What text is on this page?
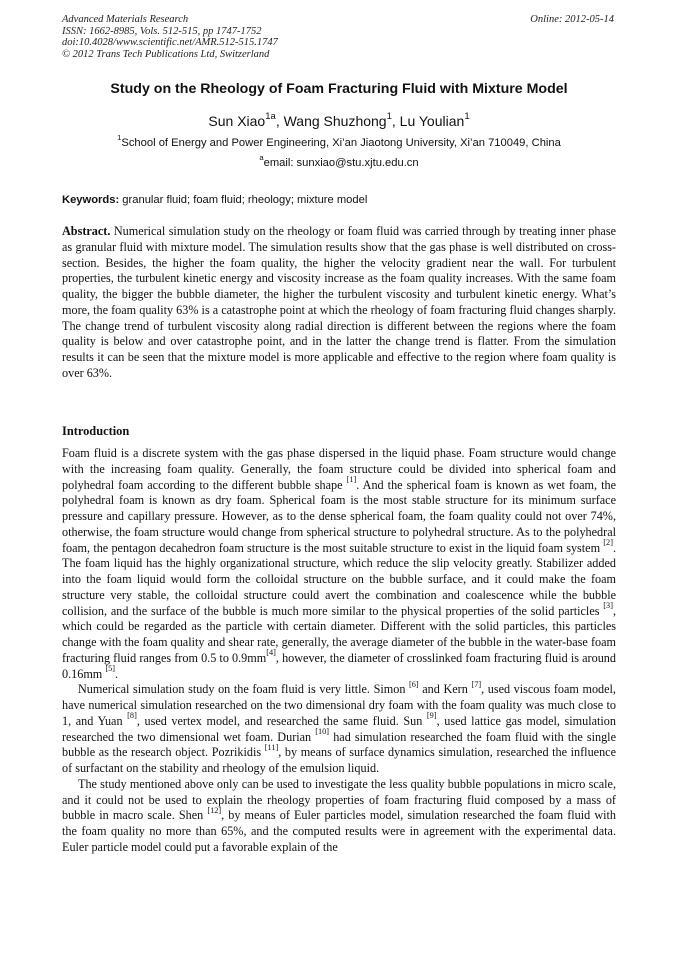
Advanced Materials Research
ISSN: 1662-8985, Vols. 512-515, pp 1747-1752
doi:10.4028/www.scientific.net/AMR.512-515.1747
© 2012 Trans Tech Publications Ltd, Switzerland
Online: 2012-05-14
Study on the Rheology of Foam Fracturing Fluid with Mixture Model
Sun Xiao$^{1a}$, Wang Shuzhong$^1$, Lu Youlian$^1$
$^1$School of Energy and Power Engineering, Xi’an Jiaotong University, Xi’an 710049, China
$^a$email: sunxiao@stu.xjtu.edu.cn
Keywords: granular fluid; foam fluid; rheology; mixture model
Abstract. Numerical simulation study on the rheology or foam fluid was carried through by treating inner phase as granular fluid with mixture model. The simulation results show that the gas phase is well distributed on cross-section. Besides, the higher the foam quality, the higher the velocity gradient near the wall. For turbulent properties, the turbulent kinetic energy and viscosity increase as the foam quality increases. With the same foam quality, the bigger the bubble diameter, the higher the turbulent viscosity and turbulent kinetic energy. What’s more, the foam quality 63% is a catastrophe point at which the rheology of foam fracturing fluid changes sharply. The change trend of turbulent viscosity along radial direction is different between the regions where the foam quality is below and over catastrophe point, and in the latter the change trend is flatter. From the simulation results it can be seen that the mixture model is more applicable and effective to the region where foam quality is over 63%.
Introduction

Foam fluid is a discrete system with the gas phase dispersed in the liquid phase. Foam structure would change with the increasing foam quality. Generally, the foam structure could be divided into spherical foam and polyhedral foam according to the different bubble shape [1]. And the spherical foam is known as wet foam, the polyhedral foam is known as dry foam. Spherical foam is the most stable structure for its minimum surface pressure and capillary pressure. However, as to the dense spherical foam, the foam quality could not over 74%, otherwise, the foam structure would change from spherical structure to polyhedral structure. As to the polyhedral foam, the pentagon decahedron foam structure is the most suitable structure to exist in the liquid foam system [2]. The foam liquid has the highly organizational structure, which reduce the slip velocity greatly. Stabilizer added into the foam liquid would form the colloidal structure on the bubble surface, and it could make the foam structure very stable, the colloidal structure could avert the combination and coalescence while the bubble collision, and the surface of the bubble is much more similar to the physical properties of the solid particles [3], which could be regarded as the particle with certain diameter. Different with the solid particles, this particles change with the foam quality and shear rate, generally, the average diameter of the bubble in the water-base foam fracturing fluid ranges from 0.5 to 0.9mm[4], however, the diameter of crosslinked foam fracturing fluid is around 0.16mm [5].

Numerical simulation study on the foam fluid is very little. Simon [6] and Kern [7], used viscous foam model, have numerical simulation researched on the two dimensional dry foam with the foam quality was much close to 1, and Yuan [8], used vertex model, and researched the same fluid. Sun [9], used lattice gas model, simulation researched the two dimensional wet foam. Durian [10] had simulation researched the foam fluid with the single bubble as the research object. Pozrikidis [11], by means of surface dynamics simulation, researched the influence of surfactant on the stability and rheology of the emulsion liquid.

The study mentioned above only can be used to investigate the less quality bubble populations in micro scale, and it could not be used to explain the rheology properties of foam fracturing fluid composed by a mass of bubble in macro scale. Shen [12], by means of Euler particles model, simulation researched the foam fluid with the foam quality no more than 65%, and the computed results were in agreement with the experimental data. Euler particle model could put a favorable explain of the
